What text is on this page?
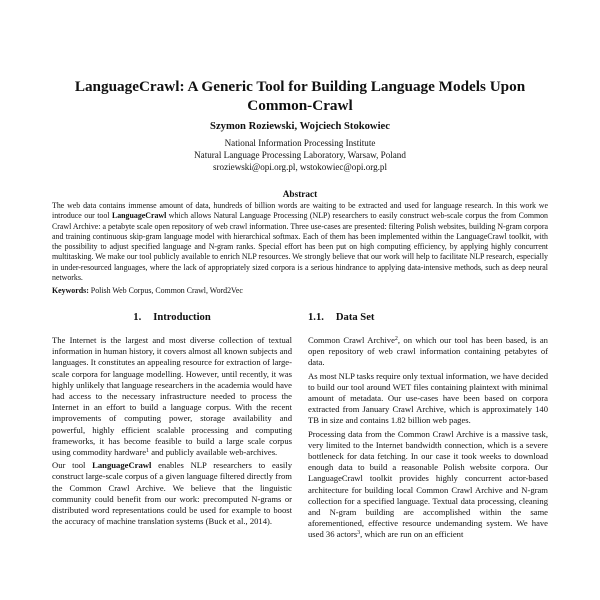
LanguageCrawl: A Generic Tool for Building Language Models Upon Common-Crawl

Szymon Roziewski, Wojciech Stokowiec

National Information Processing Institute

Natural Language Processing Laboratory, Warsaw, Poland

sroziewski@opi.org.pl, wstokowiec@opi.org.pl

Abstract

The web data contains immense amount of data, hundreds of billion words are waiting to be extracted and used for language research. In this work we introduce our tool LanguageCrawl which allows Natural Language Processing (NLP) researchers to easily construct web-scale corpus the from Common Crawl Archive: a petabyte scale open repository of web crawl information. Three use-cases are presented: filtering Polish websites, building N-gram corpora and training continuous skip-gram language model with hierarchical softmax. Each of them has been implemented within the LanguageCrawl toolkit, with the possibility to adjust specified language and N-gram ranks. Special effort has been put on high computing efficiency, by applying highly concurrent multitasking. We make our tool publicly available to enrich NLP resources. We strongly believe that our work will help to facilitate NLP research, especially in under-resourced languages, where the lack of appropriately sized corpora is a serious hindrance to applying data-intensive methods, such as deep neural networks.

Keywords: Polish Web Corpus, Common Crawl, Word2Vec

1. Introduction

The Internet is the largest and most diverse collection of textual information in human history, it covers almost all known subjects and languages. It constitutes an appealing resource for extraction of large-scale corpora for language modelling. However, until recently, it was highly unlikely that language researchers in the academia would have had access to the necessary infrastructure needed to process the Internet in an effort to build a language corpus. With the recent improvements of computing power, storage availability and powerful, highly efficient scalable processing and computing frameworks, it has become feasible to build a large scale corpus using commodity hardware$^1$ and publicly available web-archives.

Our tool LanguageCrawl enables NLP researchers to easily construct large-scale corpus of a given language filtered directly from the Common Crawl Archive. We believe that the linguistic community could benefit from our work: precomputed N-grams or distributed word representations could be used for example to boost the accuracy of machine translation systems (Buck et al., 2014).

1.1. Data Set

Common Crawl Archive$^2$, on which our tool has been based, is an open repository of web crawl information containing petabytes of data.

As most NLP tasks require only textual information, we have decided to build our tool around WET files containing plaintext with minimal amount of metadata. Our use-cases have been based on corpora extracted from January Crawl Archive, which is approximately 140 TB in size and contains 1.82 billion web pages.

Processing data from the Common Crawl Archive is a massive task, very limited to the Internet bandwidth connection, which is a severe bottleneck for data fetching. In our case it took weeks to download enough data to build a reasonable Polish website corpora. Our LanguageCrawl toolkit provides highly concurrent actor-based architecture for building local Common Crawl Archive and N-gram collection for a specified language. Textual data processing, cleaning and N-gram building are accomplished within the same aforementioned, effective resource undemanding system. We have used 36 actors$^3$, which are run on an efficient
